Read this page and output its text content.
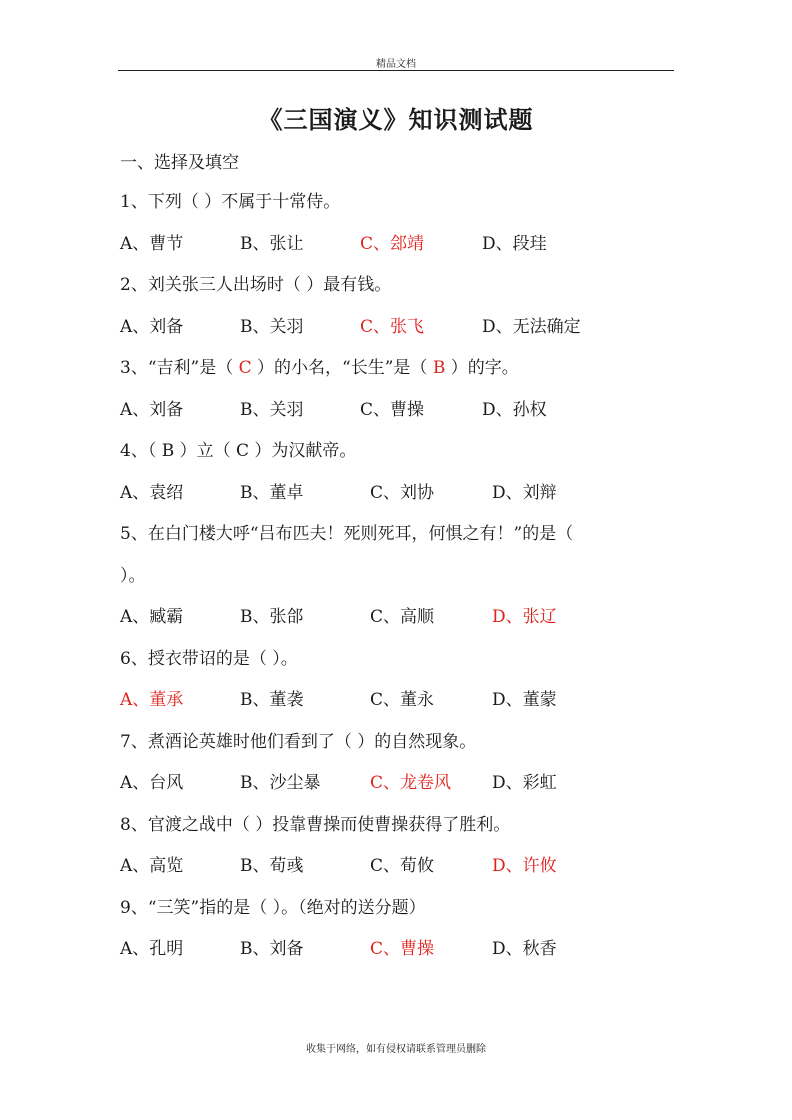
精品文档
《三国演义》知识测试题
一、选择及填空
1、下列（ ）不属于十常侍。
A、曹节	B、张让	C、郐靖	D、段珪
2、刘关张三人出场时（ ）最有钱。
A、刘备	B、关羽	C、张飞	D、无法确定
3、“吉利”是（ C ）的小名，“长生”是（ B ）的字。
A、刘备	B、关羽	C、曹操	D、孙权
4、（ B ）立（ C ）为汉献帝。
A、袁绍	B、董卓	C、刘协	D、刘辩
5、在白门楼大呼“吕布匹夫！死则死耳，何惧之有！”的是（
）。
A、臧霸	B、张郃	C、高顺	D、张辽
6、授衣带诏的是（ ）。
A、董承	B、董袭	C、董永	D、董蒙
7、煮酒论英雄时他们看到了（ ）的自然现象。
A、台风	B、沙尘暴	C、龙卷风 D、彩虹
8、官渡之战中（ ）投靠曹操而使曹操获得了胜利。
A、高览	B、荀彧	C、荀攸	D、许攸
9、“三笑”指的是（ ）。（绝对的送分题）
A、孔明	B、刘备	C、曹操	D、秋香
收集于网络，如有侵权请联系管理员删除
